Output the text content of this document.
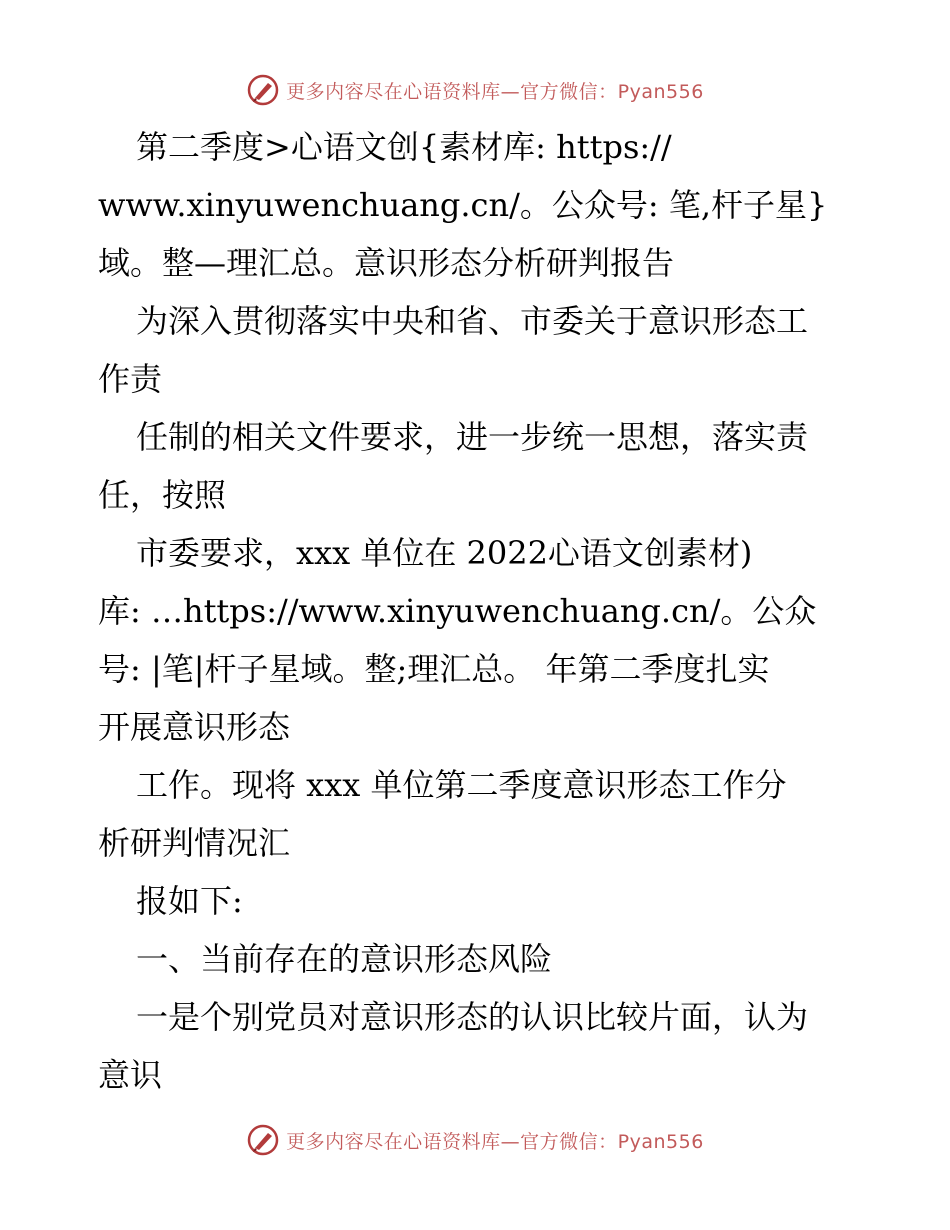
更多内容尽在心语资料库—官方微信：Pyan556
第二季度>心语文创{素材库: https://
www.xinyuwenchuang.cn/。公众号: 笔,杆子星}
域。整—理汇总。意识形态分析研判报告
为深入贯彻落实中央和省、市委关于意识形态工
作责
任制的相关文件要求，进一步统一思想，落实责
任，按照
市委要求，xxx 单位在 2022心语文创素材)
库: …https://www.xinyuwenchuang.cn/。公众
号: |笔|杆子星域。整;理汇总。 年第二季度扎实
开展意识形态
工作。现将 xxx 单位第二季度意识形态工作分
析研判情况汇
报如下:
一、当前存在的意识形态风险
一是个别党员对意识形态的认识比较片面，认为
意识
更多内容尽在心语资料库—官方微信：Pyan556
